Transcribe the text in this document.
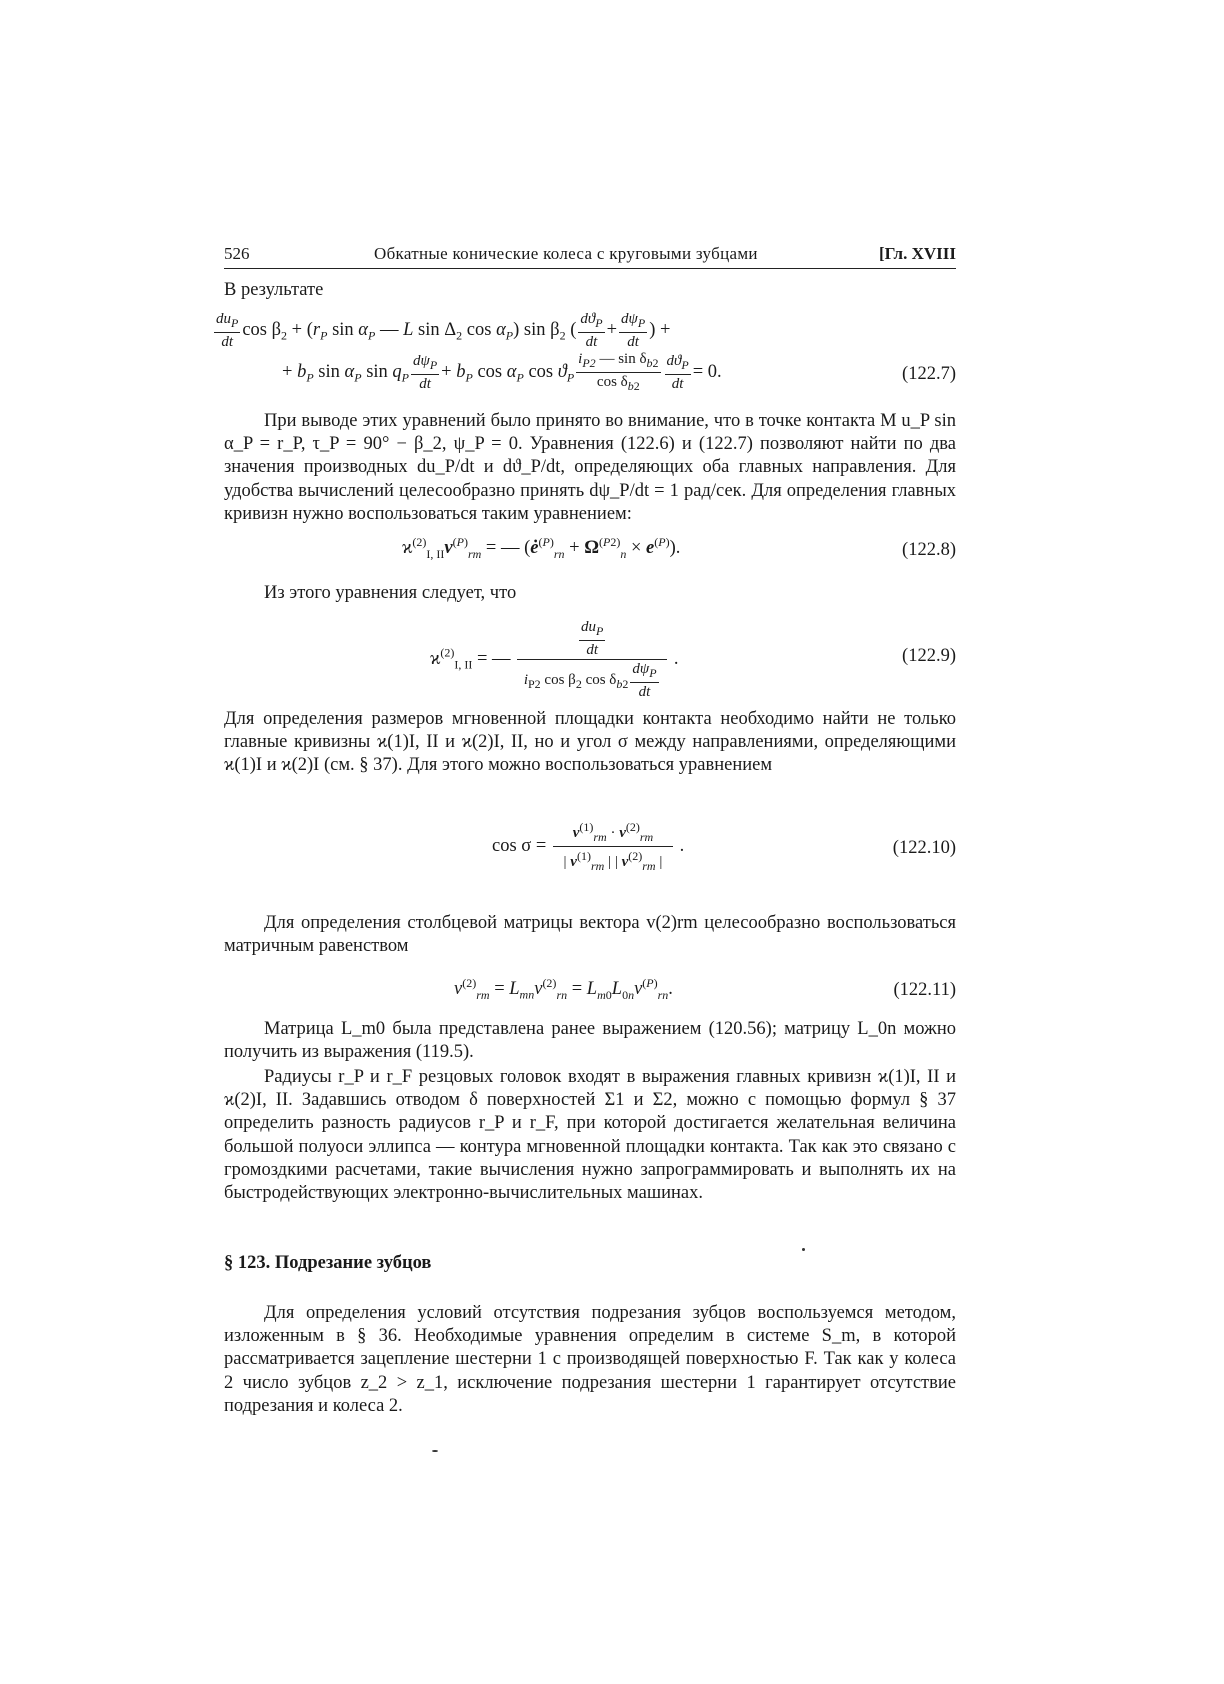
526	Обкатные конические колеса с круговыми зубцами	[Гл. XVIII
В результате
$\frac{du_P}{dt}$ $\cos \beta_2 + (r_P$ $\sin \alpha_P$ — L $\sin \Delta_2$ $\cos \alpha_P$) $\sin \beta_2$ ( $\frac{dϑ_P}{dt} + \frac{d\psi_P}{dt}$ ) +
+ $b_P$ $\sin \alpha_P$ $\sin q_P \frac{d\psi_P}{dt} + b_P$ $\cos \alpha_P$ $\cos ϑ_P \frac{i_{P2} — \sin \delta_{b2}}{\cos \delta_{b2}} \frac{dϑ_P}{dt} = 0$.	(122.7)
При выводе этих уравнений было принято во внимание, что в точке контакта M u_P sin α_P = r_P, τ_P = 90° − β_2, ψ_P = 0. Уравнения (122.6) и (122.7) позволяют найти по два значения производных du_P/dt и dϑ_P/dt, определяющих оба главных направления. Для удобства вычислений целесообразно принять dψ_P/dt = 1 рад/сек. Для определения главных кривизн нужно воспользоваться таким уравнением:
$ϰ^{(2)}_{I, II}v^{(P)}_{rm}$ = — $(ė^{(P)}_{rn} + \Omega^{(P2)}_n \times e^{(P)})$.	(122.8)
Из этого уравнения следует, что
$ϰ^{(2)}_{I, II}$ = — $\frac{\frac{du_P}{dt}}{i_{P2} \cos \beta_2 \cos \delta_{b2} \frac{d\psi_P}{dt}}$ .	(122.9)
Для определения размеров мгновенной площадки контакта необходимо найти не только главные кривизны ϰ(1)I, II и ϰ(2)I, II, но и угол σ между направлениями, определяющими ϰ(1)I и ϰ(2)I (см. § 37). Для этого можно воспользоваться уравнением
$\cos \sigma = \frac{v^{(1)}_{rm} \cdot v^{(2)}_{rm}}{| v^{(1)}_{rm} | | v^{(2)}_{rm} |}$ .	(122.10)
Для определения столбцевой матрицы вектора v(2)rm целесообразно воспользоваться матричным равенством
$v^{(2)}_{rm} = L_{mn}v^{(2)}_{rn} = L_{m0}L_{0n}v^{(P)}_{rn}$.	(122.11)
Матрица L_m0 была представлена ранее выражением (120.56); матрицу L_0n можно получить из выражения (119.5).
Радиусы r_P и r_F резцовых головок входят в выражения главных кривизн ϰ(1)I, II и ϰ(2)I, II. Задавшись отводом δ поверхностей Σ1 и Σ2, можно с помощью формул § 37 определить разность радиусов r_P и r_F, при которой достигается желательная величина большой полуоси эллипса — контура мгновенной площадки контакта. Так как это связано с громоздкими расчетами, такие вычисления нужно запрограммировать и выполнять их на быстродействующих электронно-вычислительных машинах.
§ 123. Подрезание зубцов
Для определения условий отсутствия подрезания зубцов воспользуемся методом, изложенным в § 36. Необходимые уравнения определим в системе S_m, в которой рассматривается зацепление шестерни 1 с производящей поверхностью F. Так как у колеса 2 число зубцов z_2 > z_1, исключение подрезания шестерни 1 гарантирует отсутствие подрезания и колеса 2.
